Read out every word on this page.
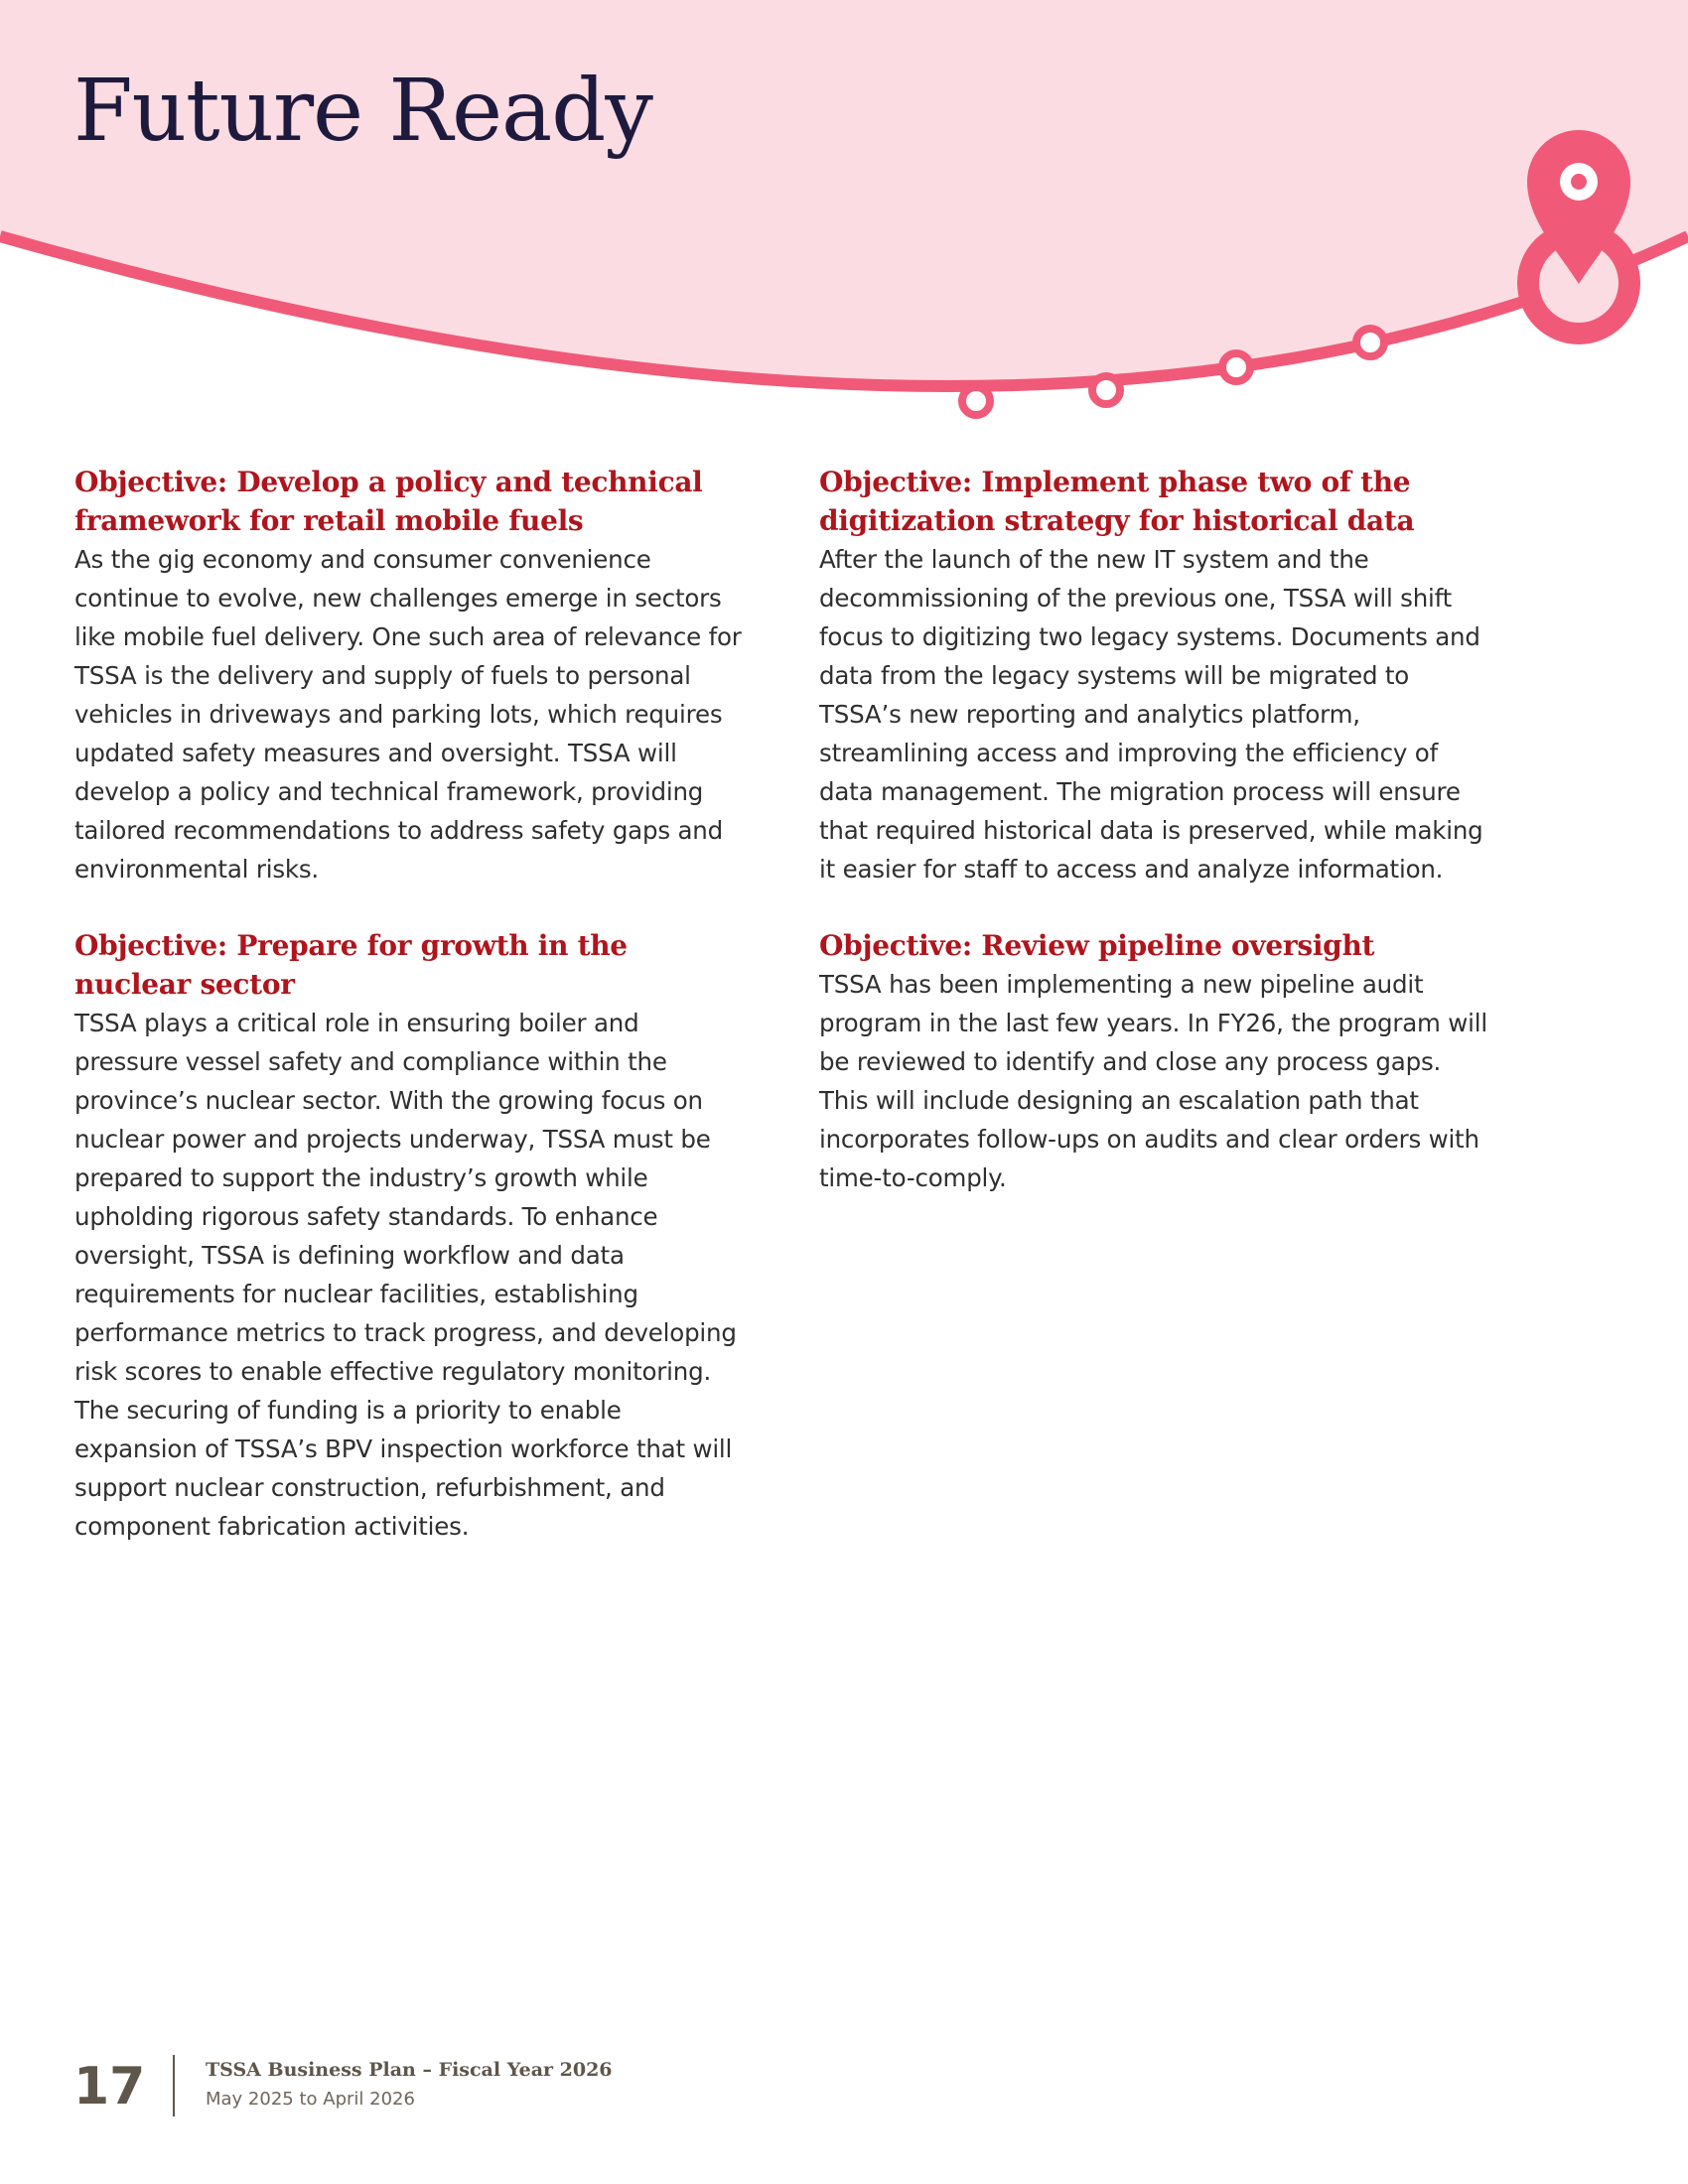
Future Ready
Objective: Develop a policy and technical framework for retail mobile fuels

As the gig economy and consumer convenience continue to evolve, new challenges emerge in sectors like mobile fuel delivery. One such area of relevance for TSSA is the delivery and supply of fuels to personal vehicles in driveways and parking lots, which requires updated safety measures and oversight. TSSA will develop a policy and technical framework, providing tailored recommendations to address safety gaps and environmental risks.

Objective: Prepare for growth in the nuclear sector

TSSA plays a critical role in ensuring boiler and pressure vessel safety and compliance within the province’s nuclear sector. With the growing focus on nuclear power and projects underway, TSSA must be prepared to support the industry’s growth while upholding rigorous safety standards. To enhance oversight, TSSA is defining workflow and data requirements for nuclear facilities, establishing performance metrics to track progress, and developing risk scores to enable effective regulatory monitoring. The securing of funding is a priority to enable expansion of TSSA’s BPV inspection workforce that will support nuclear construction, refurbishment, and component fabrication activities.

Objective: Implement phase two of the digitization strategy for historical data

After the launch of the new IT system and the decommissioning of the previous one, TSSA will shift focus to digitizing two legacy systems. Documents and data from the legacy systems will be migrated to TSSA’s new reporting and analytics platform, streamlining access and improving the efficiency of data management. The migration process will ensure that required historical data is preserved, while making it easier for staff to access and analyze information.

Objective: Review pipeline oversight

TSSA has been implementing a new pipeline audit program in the last few years. In FY26, the program will be reviewed to identify and close any process gaps. This will include designing an escalation path that incorporates follow-ups on audits and clear orders with time-to-comply.

17	TSSA Business Plan – Fiscal Year 2026
May 2025 to April 2026
